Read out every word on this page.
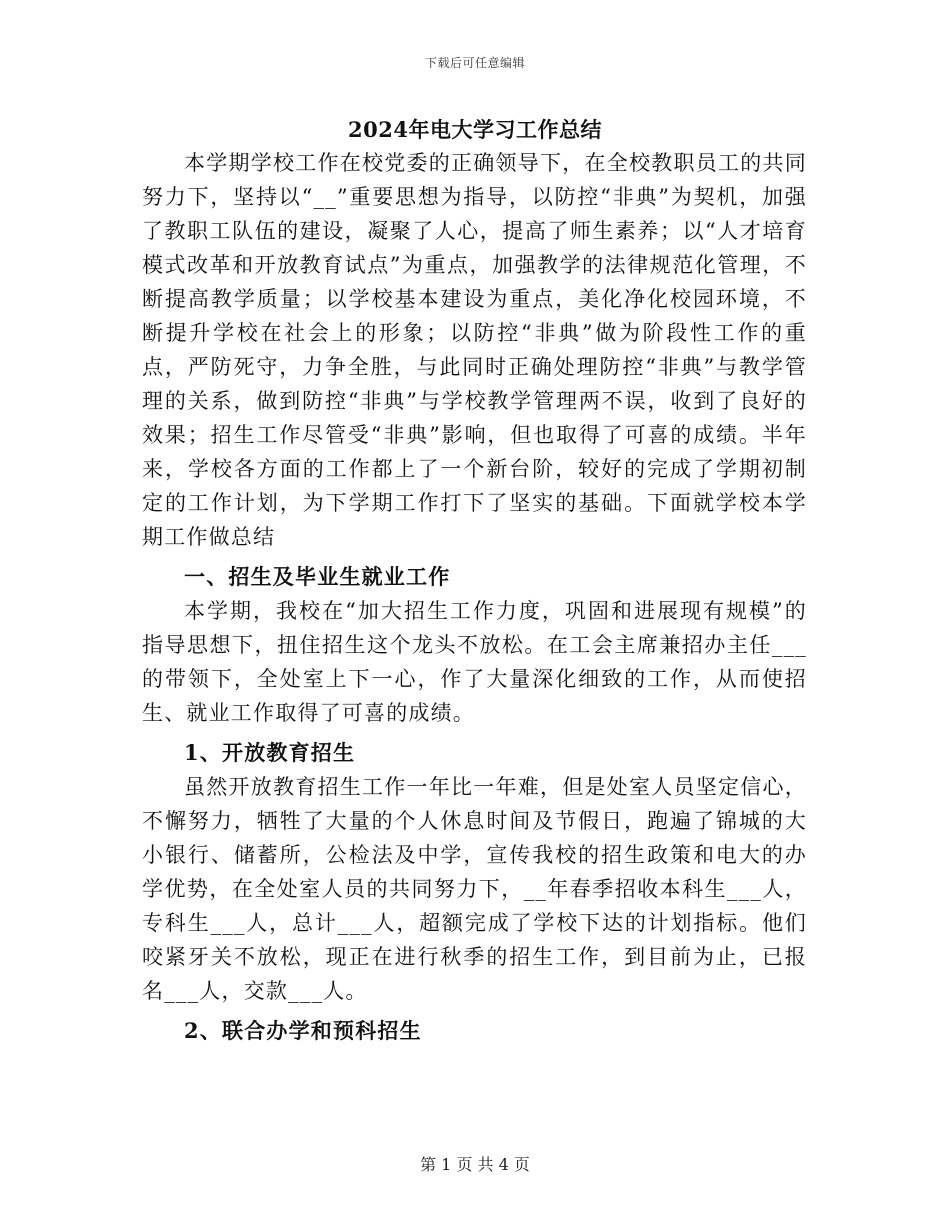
下载后可任意编辑
2024年电大学习工作总结

本学期学校工作在校党委的正确领导下，在全校教职员工的共同努力下，坚持以“__”重要思想为指导，以防控“非典”为契机，加强了教职工队伍的建设，凝聚了人心，提高了师生素养；以“人才培育模式改革和开放教育试点”为重点，加强教学的法律规范化管理，不断提高教学质量；以学校基本建设为重点，美化净化校园环境，不断提升学校在社会上的形象；以防控“非典”做为阶段性工作的重点，严防死守，力争全胜，与此同时正确处理防控“非典”与教学管理的关系，做到防控“非典”与学校教学管理两不误，收到了良好的效果；招生工作尽管受“非典”影响，但也取得了可喜的成绩。半年来，学校各方面的工作都上了一个新台阶，较好的完成了学期初制定的工作计划，为下学期工作打下了坚实的基础。下面就学校本学期工作做总结

一、招生及毕业生就业工作

本学期，我校在“加大招生工作力度，巩固和进展现有规模”的指导思想下，扭住招生这个龙头不放松。在工会主席兼招办主任___的带领下，全处室上下一心，作了大量深化细致的工作，从而使招生、就业工作取得了可喜的成绩。

1、开放教育招生

虽然开放教育招生工作一年比一年难，但是处室人员坚定信心，不懈努力，牺牲了大量的个人休息时间及节假日，跑遍了锦城的大小银行、储蓄所，公检法及中学，宣传我校的招生政策和电大的办学优势，在全处室人员的共同努力下，__年春季招收本科生___人，专科生___人，总计___人，超额完成了学校下达的计划指标。他们咬紧牙关不放松，现正在进行秋季的招生工作，到目前为止，已报名___人，交款___人。

2、联合办学和预科招生
第 1 页 共 4 页
